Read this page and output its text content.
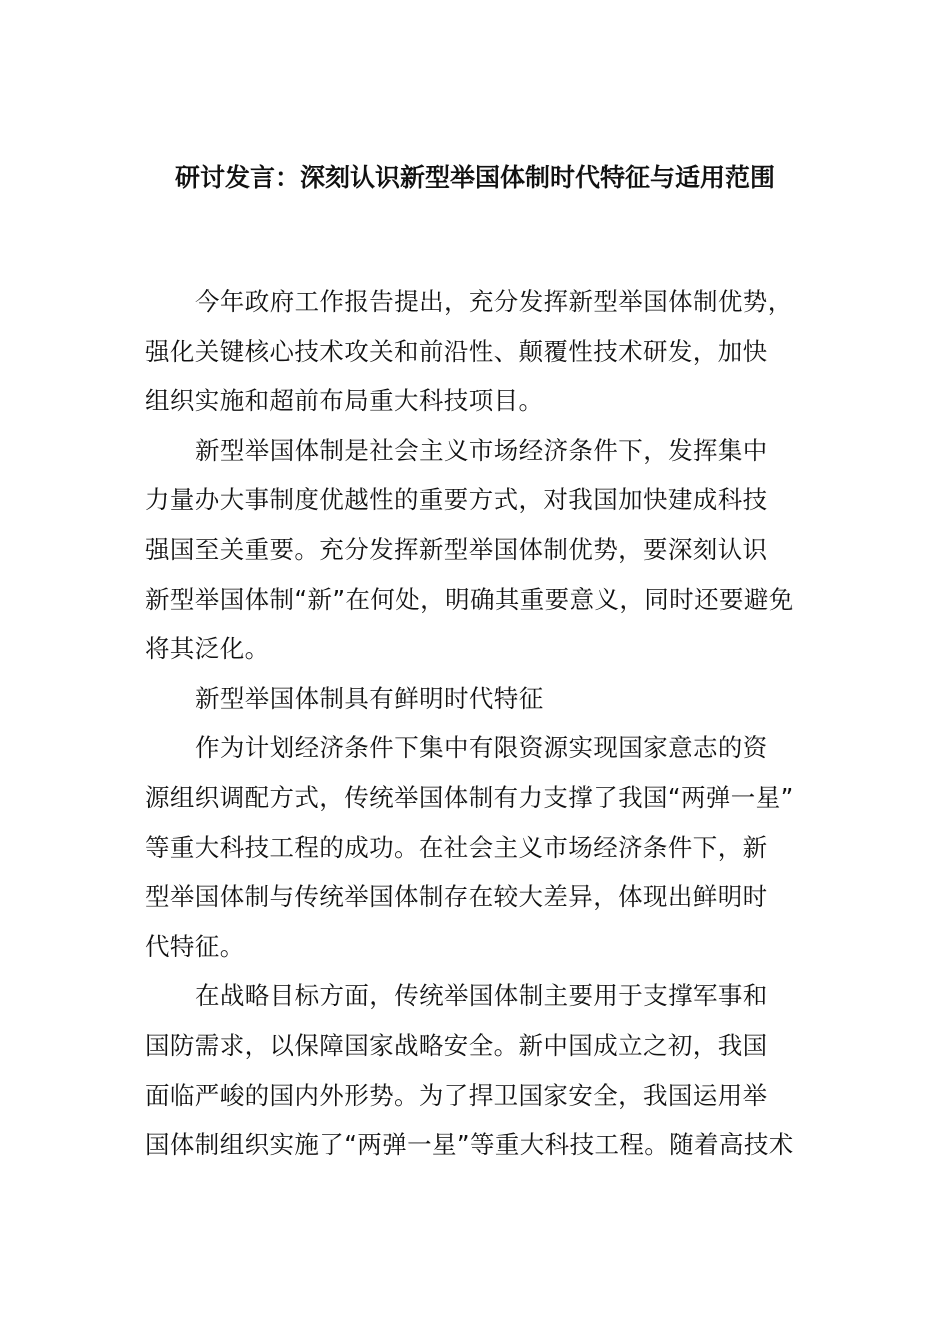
研讨发言：深刻认识新型举国体制时代特征与适用范围
今年政府工作报告提出，充分发挥新型举国体制优势，
强化关键核心技术攻关和前沿性、颠覆性技术研发，加快
组织实施和超前布局重大科技项目。
新型举国体制是社会主义市场经济条件下，发挥集中
力量办大事制度优越性的重要方式，对我国加快建成科技
强国至关重要。充分发挥新型举国体制优势，要深刻认识
新型举国体制“新”在何处，明确其重要意义，同时还要避免
将其泛化。
新型举国体制具有鲜明时代特征
作为计划经济条件下集中有限资源实现国家意志的资
源组织调配方式，传统举国体制有力支撑了我国“两弹一星”
等重大科技工程的成功。在社会主义市场经济条件下，新
型举国体制与传统举国体制存在较大差异，体现出鲜明时
代特征。
在战略目标方面，传统举国体制主要用于支撑军事和
国防需求，以保障国家战略安全。新中国成立之初，我国
面临严峻的国内外形势。为了捍卫国家安全，我国运用举
国体制组织实施了“两弹一星”等重大科技工程。随着高技术
